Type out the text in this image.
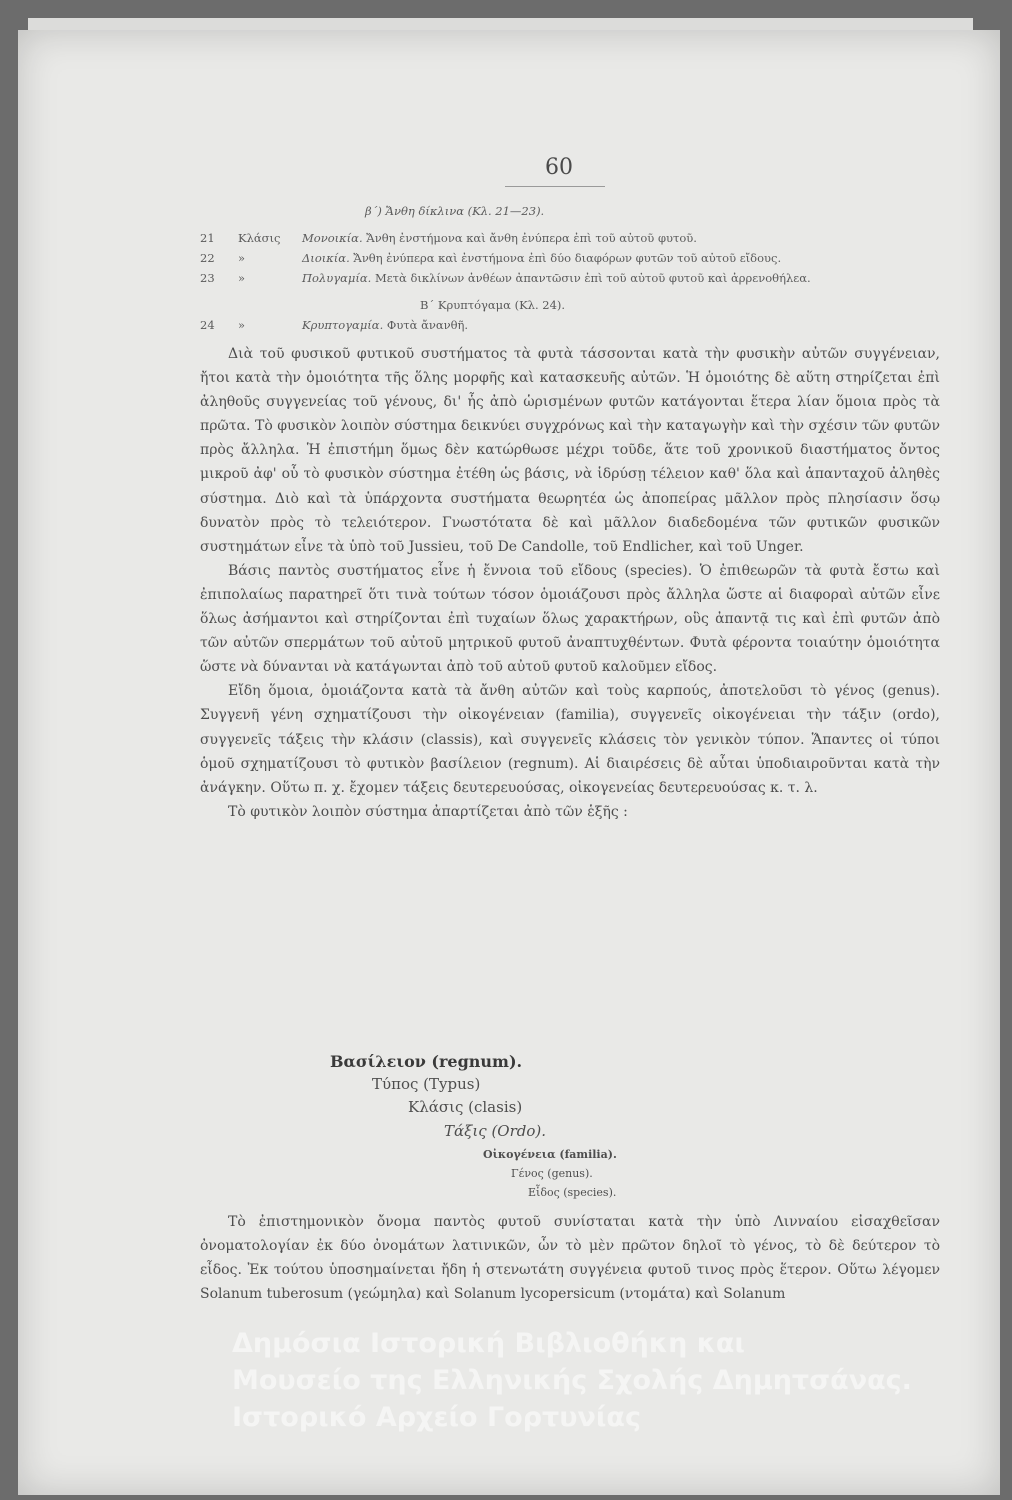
60
β΄) Ἄνθη δίκλινα (Κλ. 21—23).
21 Κλάσις Μονοικία. Ἄνθη ἐνστήμονα καὶ ἄνθη ἐνύπερα ἐπὶ τοῦ αὐτοῦ φυτοῦ.
22 »	Διοικία. Ἄνθη ἐνύπερα καὶ ἐνστήμονα ἐπὶ δύο διαφόρων φυτῶν τοῦ αὐτοῦ εἴδους.
23 »	Πολυγαμία. Μετὰ δικλίνων ἀνθέων ἀπαντῶσιν ἐπὶ τοῦ αὐτοῦ φυτοῦ καὶ ἀρρενοθήλεα.
Β΄ Κρυπτόγαμα (Κλ. 24).
24 »	Κρυπτογαμία. Φυτὰ ἄνανθῆ.

Διὰ τοῦ φυσικοῦ φυτικοῦ συστήματος τὰ φυτὰ τάσσονται κατὰ τὴν φυσικὴν αὐτῶν συγγένειαν, ἤτοι κατὰ τὴν ὁμοιότητα τῆς ὅλης μορφῆς καὶ κατασκευῆς αὐτῶν. Ἡ ὁμοιότης δὲ αὕτη στηρίζεται ἐπὶ ἀληθοῦς συγγενείας τοῦ γένους, δι' ἧς ἀπὸ ὡρισμένων φυτῶν κατάγονται ἕτερα λίαν ὅμοια πρὸς τὰ πρῶτα. Τὸ φυσικὸν λοιπὸν σύστημα δεικνύει συγχρόνως καὶ τὴν καταγωγὴν καὶ τὴν σχέσιν τῶν φυτῶν πρὸς ἄλληλα. Ἡ ἐπιστήμη ὅμως δὲν κατώρθωσε μέχρι τοῦδε, ἅτε τοῦ χρονικοῦ διαστήματος ὄντος μικροῦ ἀφ' οὗ τὸ φυσικὸν σύστημα ἐτέθη ὡς βάσις, νὰ ἱδρύσῃ τέλειον καθ' ὅλα καὶ ἁπανταχοῦ ἀληθὲς σύστημα. Διὸ καὶ τὰ ὑπάρχοντα συστήματα θεωρητέα ὡς ἀποπείρας μᾶλλον πρὸς πλησίασιν ὅσῳ δυνατὸν πρὸς τὸ τελειότερον. Γνωστότατα δὲ καὶ μᾶλλον διαδεδομένα τῶν φυτικῶν φυσικῶν συστημάτων εἶνε τὰ ὑπὸ τοῦ Jussieu, τοῦ De Candolle, τοῦ Endlicher, καὶ τοῦ Unger.

Βάσις παντὸς συστήματος εἶνε ἡ ἔννοια τοῦ εἴδους (species). Ὁ ἐπιθεωρῶν τὰ φυτὰ ἔστω καὶ ἐπιπολαίως παρατηρεῖ ὅτι τινὰ τούτων τόσον ὁμοιάζουσι πρὸς ἄλληλα ὥστε αἱ διαφοραὶ αὐτῶν εἶνε ὅλως ἀσήμαντοι καὶ στηρίζονται ἐπὶ τυχαίων ὅλως χαρακτήρων, οὓς ἀπαντᾷ τις καὶ ἐπὶ φυτῶν ἀπὸ τῶν αὐτῶν σπερμάτων τοῦ αὐτοῦ μητρικοῦ φυτοῦ ἀναπτυχθέντων. Φυτὰ φέροντα τοιαύτην ὁμοιότητα ὥστε νὰ δύνανται νὰ κατάγωνται ἀπὸ τοῦ αὐτοῦ φυτοῦ καλοῦμεν εἴδος.

Εἴδη ὅμοια, ὁμοιάζοντα κατὰ τὰ ἄνθη αὐτῶν καὶ τοὺς καρπούς, ἀποτελοῦσι τὸ γένος (genus). Συγγενῆ γένη σχηματίζουσι τὴν οἰκογένειαν (familia), συγγενεῖς οἰκογένειαι τὴν τάξιν (ordo), συγγενεῖς τάξεις τὴν κλάσιν (classis), καὶ συγγενεῖς κλάσεις τὸν γενικὸν τύπον. Ἅπαντες οἱ τύποι ὁμοῦ σχηματίζουσι τὸ φυτικὸν βασίλειον (regnum). Αἱ διαιρέσεις δὲ αὗται ὑποδιαιροῦνται κατὰ τὴν ἀνάγκην. Οὕτω π. χ. ἔχομεν τάξεις δευτερευούσας, οἰκογενείας δευτερευούσας κ. τ. λ.

Τὸ φυτικὸν λοιπὸν σύστημα ἀπαρτίζεται ἀπὸ τῶν ἑξῆς :

Βασίλειον (regnum).
Τύπος (Typus)
Κλάσις (clasis)
Τάξις (Ordo).
Οἰκογένεια (familia).
Γένος (genus).
Εἶδος (species).

Τὸ ἐπιστημονικὸν ὄνομα παντὸς φυτοῦ συνίσταται κατὰ τὴν ὑπὸ Λινναίου εἰσαχθεῖσαν ὀνοματολογίαν ἐκ δύο ὀνομάτων λατινικῶν, ὧν τὸ μὲν πρῶτον δηλοῖ τὸ γένος, τὸ δὲ δεύτερον τὸ εἶδος. Ἐκ τούτου ὑποσημαίνεται ἤδη ἡ στενωτάτη συγγένεια φυτοῦ τινος πρὸς ἕτερον. Οὕτω λέγομεν Solanum tuberosum (γεώμηλα) καὶ Solanum lycopersicum (ντομάτα) καὶ Solanum

Δημόσια Ιστορική Βιβλιοθήκη και
Μουσείο της Ελληνικής Σχολής Δημητσάνας.
Ιστορικό Αρχείο Γορτυνίας
